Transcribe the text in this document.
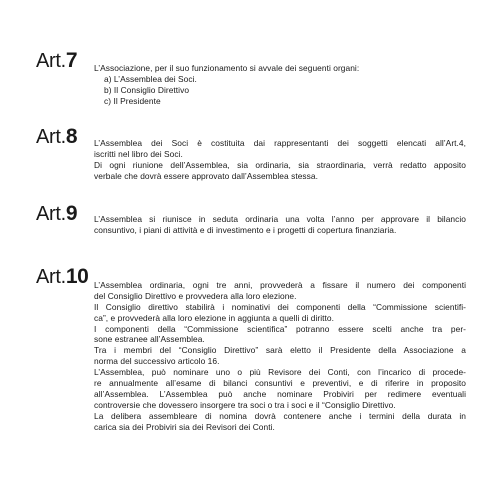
Art.7 L’Associazione, per il suo funzionamento si avvale dei seguenti organi:
a) L’Assemblea dei Soci.
b) Il Consiglio Direttivo
c) Il Presidente
Art.8 L’Assemblea dei Soci è costituita dai rappresentanti dei soggetti elencati all’Art.4,
iscritti nel libro dei Soci.
Di ogni riunione dell’Assemblea, sia ordinaria, sia straordinaria, verrà redatto apposito
verbale che dovrà essere approvato dall’Assemblea stessa.
Art.9 L’Assemblea si riunisce in seduta ordinaria una volta l’anno per approvare il bilancio
consuntivo, i piani di attività e di investimento e i progetti di copertura finanziaria.
Art.10 L’Assemblea ordinaria, ogni tre anni, provvederà a fissare il numero dei componenti
del Consiglio Direttivo e provvedera alla loro elezione.
Il Consiglio direttivo stabilirà i nominativi dei componenti della “Commissione scientifi-
ca”, e provvederà alla loro elezione in aggiunta a quelli di diritto.
I componenti della “Commissione scientifica” potranno essere scelti anche tra per-
sone estranee all’Assemblea.
Tra i membri del “Consiglio Direttivo” sarà eletto il Presidente della Associazione a
norma del successivo articolo 16.
L’Assemblea, può nominare uno o più Revisore dei Conti, con l’incarico di procede-
re annualmente all’esame di bilanci consuntivi e preventivi, e di riferire in proposito
all’Assemblea. L’Assemblea può anche nominare Probiviri per redimere eventuali
controversie che dovessero insorgere tra soci o tra i soci e il “Consiglio Direttivo.
La delibera assembleare di nomina dovrà contenere anche i termini della durata in
carica sia dei Probiviri sia dei Revisori dei Conti.
